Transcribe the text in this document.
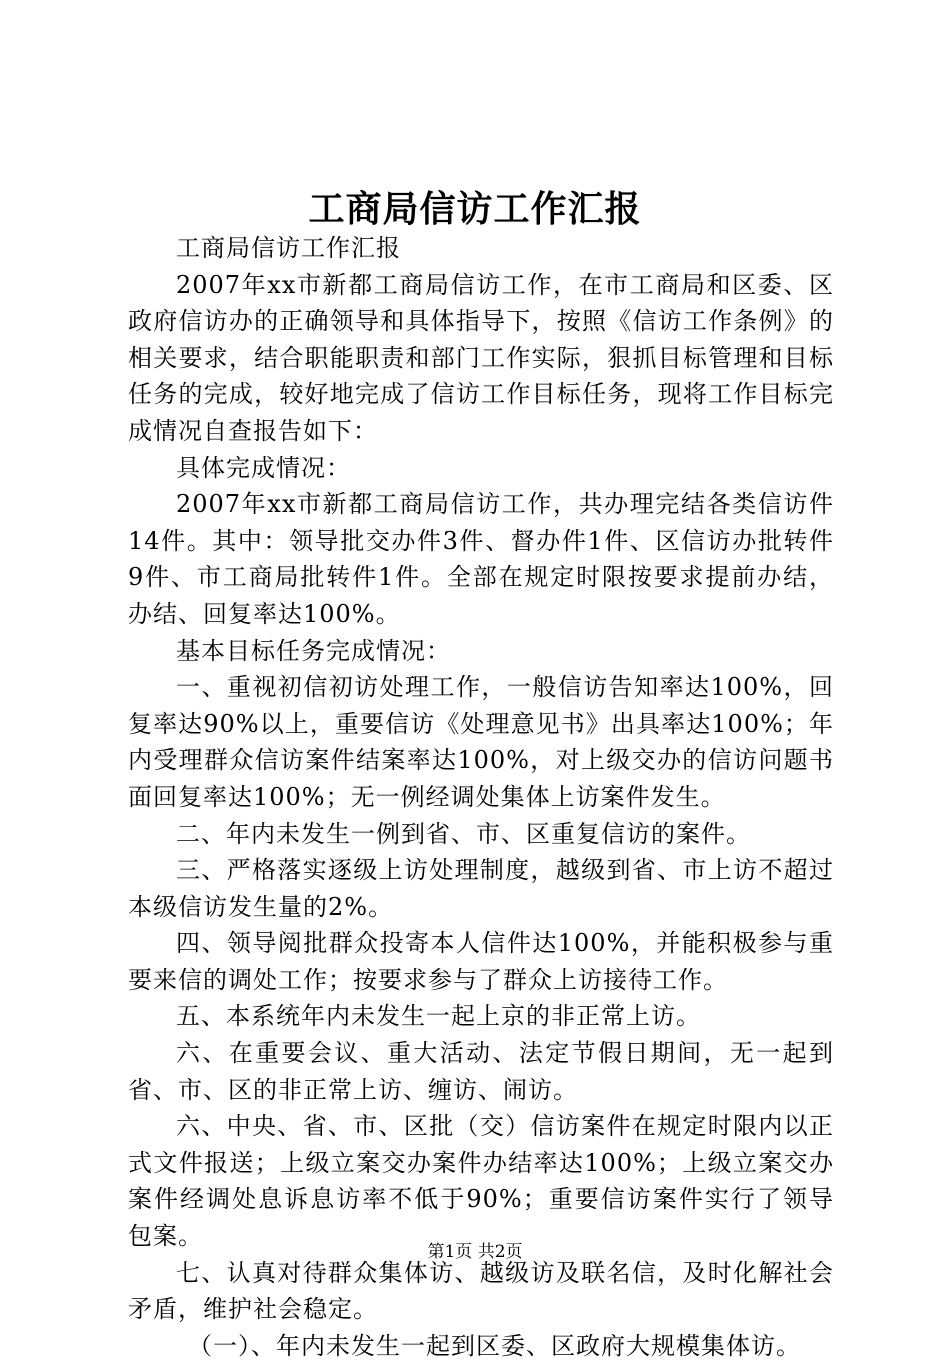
工商局信访工作汇报

工商局信访工作汇报

2007年xx市新都工商局信访工作，在市工商局和区委、区政府信访办的正确领导和具体指导下，按照《信访工作条例》的相关要求，结合职能职责和部门工作实际，狠抓目标管理和目标任务的完成，较好地完成了信访工作目标任务，现将工作目标完成情况自查报告如下：

具体完成情况：

2007年xx市新都工商局信访工作，共办理完结各类信访件14件。其中：领导批交办件3件、督办件1件、区信访办批转件9件、市工商局批转件1件。全部在规定时限按要求提前办结，办结、回复率达100%。

基本目标任务完成情况：

一、重视初信初访处理工作，一般信访告知率达100%，回复率达90%以上，重要信访《处理意见书》出具率达100%；年内受理群众信访案件结案率达100%，对上级交办的信访问题书面回复率达100%；无一例经调处集体上访案件发生。

二、年内未发生一例到省、市、区重复信访的案件。

三、严格落实逐级上访处理制度，越级到省、市上访不超过本级信访发生量的2%。

四、领导阅批群众投寄本人信件达100%，并能积极参与重要来信的调处工作；按要求参与了群众上访接待工作。

五、本系统年内未发生一起上京的非正常上访。

六、在重要会议、重大活动、法定节假日期间，无一起到省、市、区的非正常上访、缠访、闹访。

六、中央、省、市、区批（交）信访案件在规定时限内以正式文件报送；上级立案交办案件办结率达100%；上级立案交办案件经调处息诉息访率不低于90%；重要信访案件实行了领导包案。

七、认真对待群众集体访、越级访及联名信，及时化解社会矛盾，维护社会稳定。

（一）、年内未发生一起到区委、区政府大规模集体访。

第1页 共2页
